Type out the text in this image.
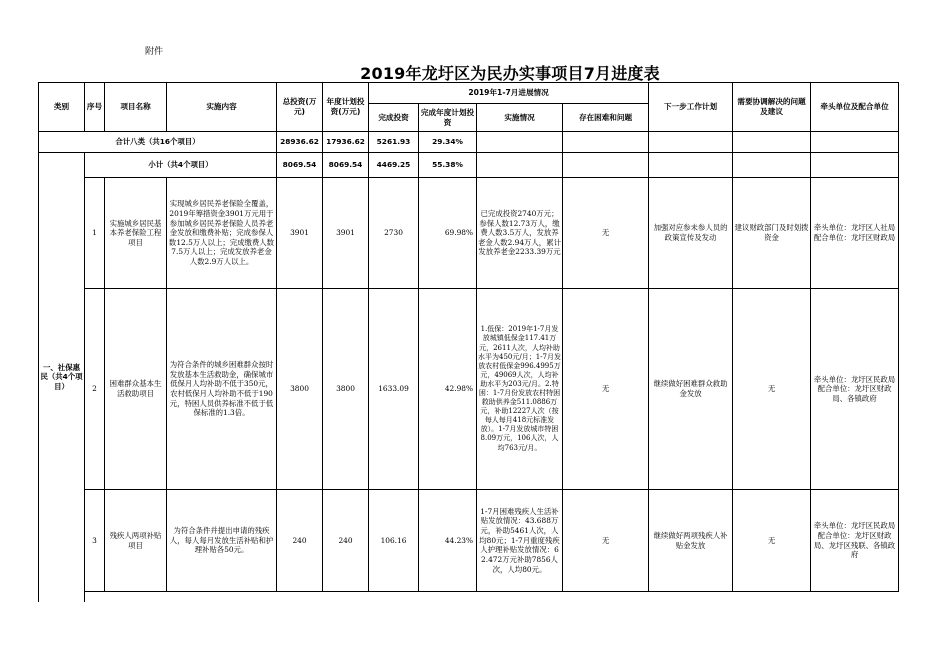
附件
2019年龙圩区为民办实事项目7月进度表
类别	序号	项目名称	实施内容	总投资(万元)	年度计划投资(万元)	2019年1-7月进展情况				下一步工作计划	需要协调解决的问题及建议	牵头单位及配合单位
						完成投资	完成年度计划投资	实施情况	存在困难和问题			
合计八类（共16个项目）				28936.62	17936.62	5261.93	29.34%					
一、社保惠民（共4个项目）	小计（共4个项目）			8069.54	8069.54	4469.25	55.38%					
	1	实施城乡居民基本养老保险工程项目	实现城乡居民养老保险全覆盖，2019年筹措资金3901万元用于参加城乡居民养老保险人员养老金发放和缴费补贴；完成参保人数12.5万人以上；完成缴费人数7.5万人以上；完成发放养老金人数2.9万人以上。	3901	3901	2730	69.98%	已完成投资2740万元；参保人数12.73万人，缴费人数3.5万人，发放养老金人数2.94万人，累计发放养老金2233.39万元	无	加强对应参未参人员的政策宣传及发动	建议财政部门及时划拨资金	牵头单位：龙圩区人社局 配合单位：龙圩区财政局
	2	困难群众基本生活救助项目	为符合条件的城乡困难群众按时发放基本生活救助金，确保城市低保月人均补助不低于350元，农村低保月人均补助不低于190元，特困人员供养标准不低于低保标准的1.3倍。	3800	3800	1633.09	42.98%	1.低保：2019年1-7月发放城镇低保金117.41万元，2611人次，人均补助水平为450元/月；1-7月发放农村低保金996.4995万元，49069人次，人均补助水平为203元/月。2.特困：1-7月份发放农村特困救助供养金511.0886万元，补助12227人次（按每人每月418元标准发放）。1-7月发放城市特困8.09万元，106人次，人均763元/月。	无	继续做好困难群众救助金发放	无	牵头单位：龙圩区民政局 配合单位：龙圩区财政局、各镇政府
	3	残疾人两项补贴项目	为符合条件并提出申请的残疾人，每人每月发放生活补贴和护理补贴各50元。	240	240	106.16	44.23%	1-7月困难残疾人生活补贴发放情况：43.688万元，补助5461人次，人均80元；1-7月重度残疾人护理补贴发放情况：62.472万元补助7856人次，人均80元。	无	继续做好两项残疾人补贴金发放	无	牵头单位：龙圩区民政局 配合单位：龙圩区财政局、龙圩区残联、各镇政府
